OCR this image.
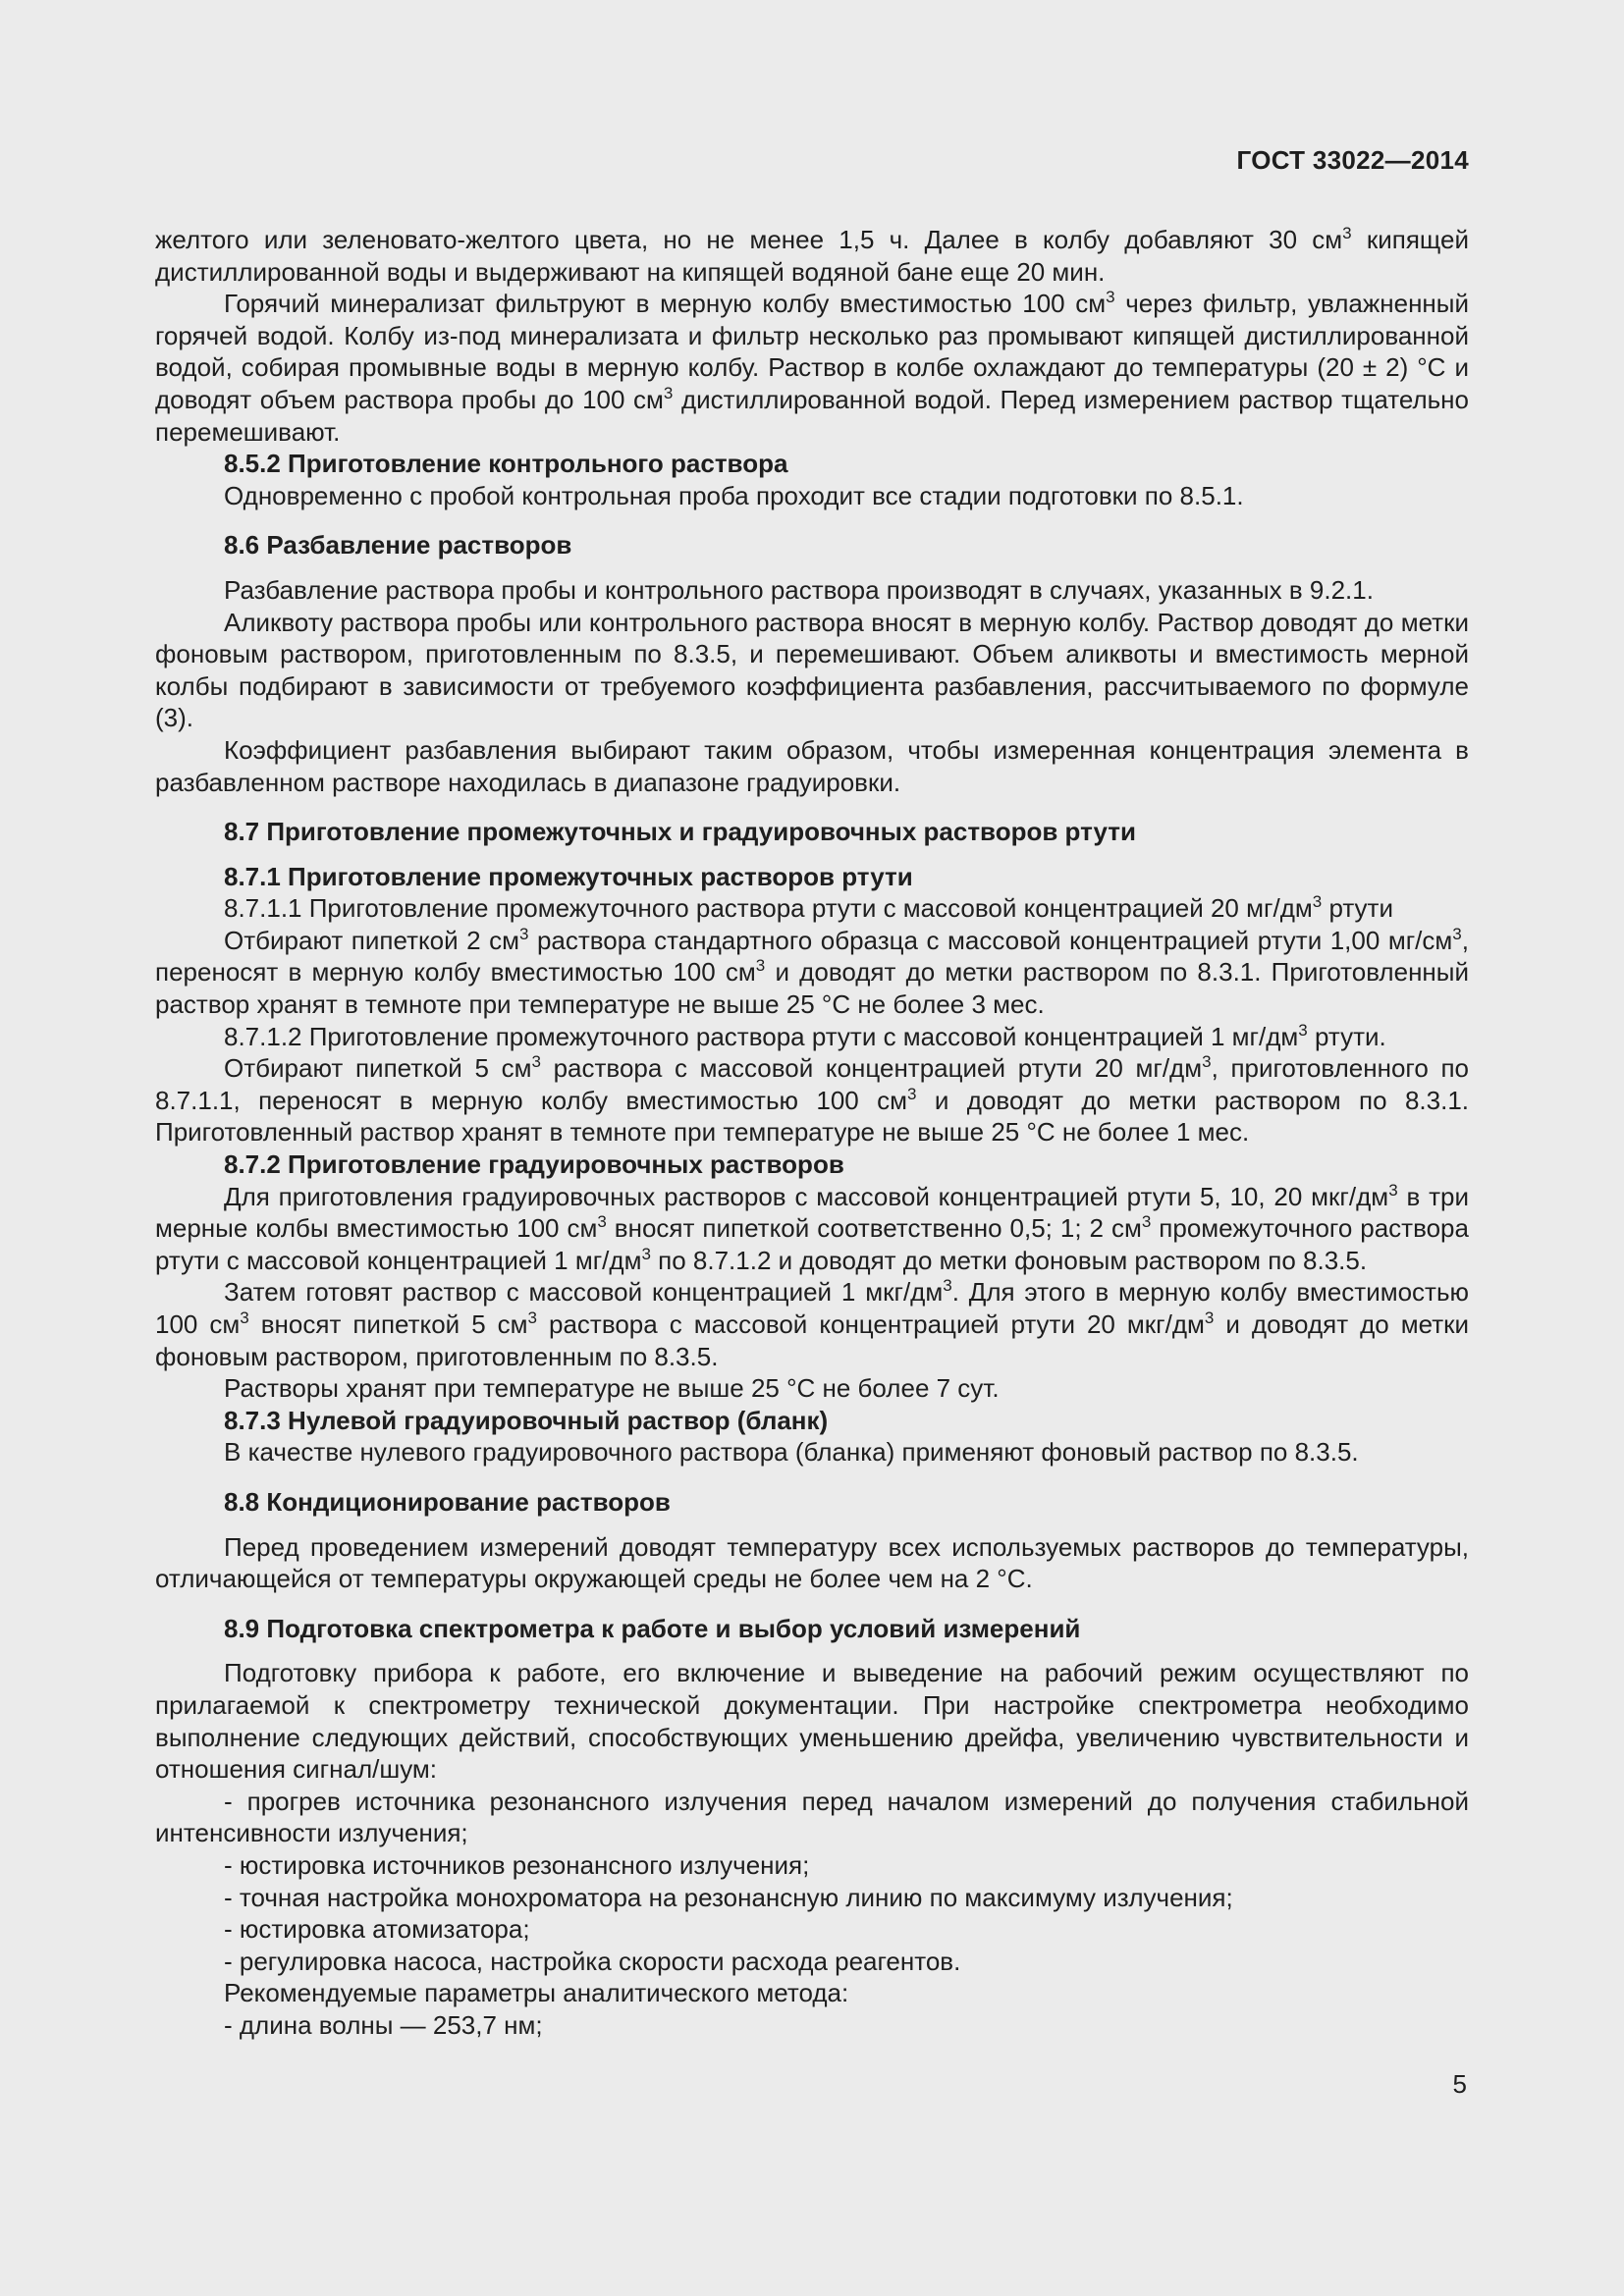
ГОСТ 33022—2014

желтого или зеленовато-желтого цвета, но не менее 1,5 ч. Далее в колбу добавляют 30 $см^3$ кипящей дистиллированной воды и выдерживают на кипящей водяной бане еще 20 мин.

Горячий минерализат фильтруют в мерную колбу вместимостью 100 $см^3$ через фильтр, увлажненный горячей водой. Колбу из-под минерализата и фильтр несколько раз промывают кипящей дистиллированной водой, собирая промывные воды в мерную колбу. Раствор в колбе охлаждают до температуры (20 ± 2) °С и доводят объем раствора пробы до 100 $см^3$ дистиллированной водой. Перед измерением раствор тщательно перемешивают.

8.5.2 Приготовление контрольного раствора

Одновременно с пробой контрольная проба проходит все стадии подготовки по 8.5.1.

8.6 Разбавление растворов

Разбавление раствора пробы и контрольного раствора производят в случаях, указанных в 9.2.1.

Аликвоту раствора пробы или контрольного раствора вносят в мерную колбу. Раствор доводят до метки фоновым раствором, приготовленным по 8.3.5, и перемешивают. Объем аликвоты и вместимость мерной колбы подбирают в зависимости от требуемого коэффициента разбавления, рассчитываемого по формуле (3).

Коэффициент разбавления выбирают таким образом, чтобы измеренная концентрация элемента в разбавленном растворе находилась в диапазоне градуировки.

8.7 Приготовление промежуточных и градуировочных растворов ртути
8.7.1 Приготовление промежуточных растворов ртути

8.7.1.1 Приготовление промежуточного раствора ртути с массовой концентрацией 20 $мг/дм^3$ ртути

Отбирают пипеткой 2 $см^3$ раствора стандартного образца с массовой концентрацией ртути 1,00 $мг/см^3$, переносят в мерную колбу вместимостью 100 $см^3$ и доводят до метки раствором по 8.3.1. Приготовленный раствор хранят в темноте при температуре не выше 25 °С не более 3 мес.

8.7.1.2 Приготовление промежуточного раствора ртути с массовой концентрацией 1 $мг/дм^3$ ртути.

Отбирают пипеткой 5 $см^3$ раствора с массовой концентрацией ртути 20 $мг/дм^3$, приготовленного по 8.7.1.1, переносят в мерную колбу вместимостью 100 $см^3$ и доводят до метки раствором по 8.3.1. Приготовленный раствор хранят в темноте при температуре не выше 25 °С не более 1 мес.

8.7.2 Приготовление градуировочных растворов

Для приготовления градуировочных растворов с массовой концентрацией ртути 5, 10, 20 мкг/$дм^3$ в три мерные колбы вместимостью 100 $см^3$ вносят пипеткой соответственно 0,5; 1; 2 $см^3$ промежуточного раствора ртути с массовой концентрацией 1 $мг/дм^3$ по 8.7.1.2 и доводят до метки фоновым раствором по 8.3.5.

Затем готовят раствор с массовой концентрацией 1 мкг/$дм^3$. Для этого в мерную колбу вместимостью 100 $см^3$ вносят пипеткой 5 $см^3$ раствора с массовой концентрацией ртути 20 мкг/$дм^3$ и доводят до метки фоновым раствором, приготовленным по 8.3.5.

Растворы хранят при температуре не выше 25 °С не более 7 сут.

8.7.3 Нулевой градуировочный раствор (бланк)

В качестве нулевого градуировочного раствора (бланка) применяют фоновый раствор по 8.3.5.

8.8 Кондиционирование растворов

Перед проведением измерений доводят температуру всех используемых растворов до температуры, отличающейся от температуры окружающей среды не более чем на 2 °С.

8.9 Подготовка спектрометра к работе и выбор условий измерений

Подготовку прибора к работе, его включение и выведение на рабочий режим осуществляют по прилагаемой к спектрометру технической документации. При настройке спектрометра необходимо выполнение следующих действий, способствующих уменьшению дрейфа, увеличению чувствительности и отношения сигнал/шум:

- прогрев источника резонансного излучения перед началом измерений до получения стабильной интенсивности излучения;

- юстировка источников резонансного излучения;

- точная настройка монохроматора на резонансную линию по максимуму излучения;

- юстировка атомизатора;

- регулировка насоса, настройка скорости расхода реагентов.

Рекомендуемые параметры аналитического метода:

- длина волны — 253,7 нм;

5
